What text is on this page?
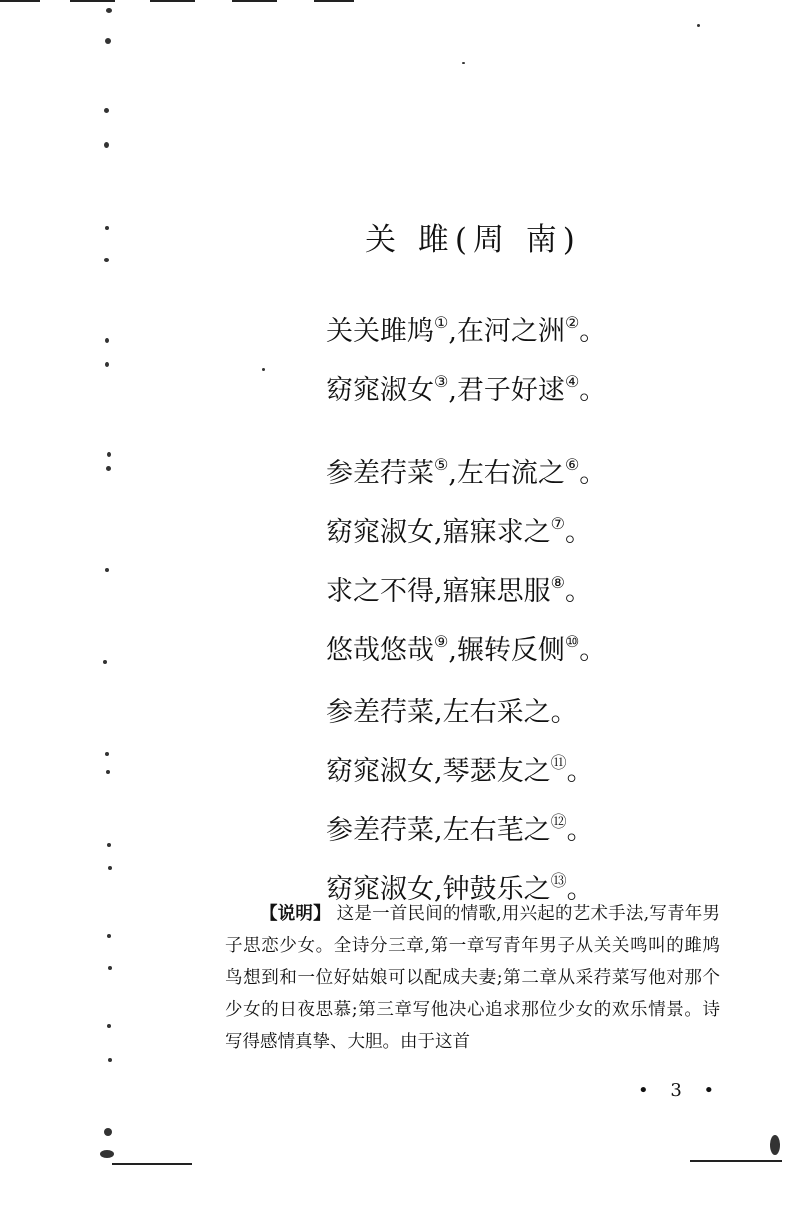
关 雎(周 南)
关关雎鸠①,在河之洲②。
窈窕淑女③,君子好逑④。
参差荇菜⑤,左右流之⑥。
窈窕淑女,寤寐求之⑦。
求之不得,寤寐思服⑧。
悠哉悠哉⑨,辗转反侧⑩。
参差荇菜,左右采之。
窈窕淑女,琴瑟友之⑪。
参差荇菜,左右芼之⑫。
窈窕淑女,钟鼓乐之⑬。
【说明】 这是一首民间的情歌,用兴起的艺术手法,写青年男子思恋少女。全诗分三章,第一章写青年男子从关关鸣叫的雎鸠鸟想到和一位好姑娘可以配成夫妻;第二章从采荇菜写他对那个少女的日夜思慕;第三章写他决心追求那位少女的欢乐情景。诗写得感情真挚、大胆。由于这首
• 3 •
